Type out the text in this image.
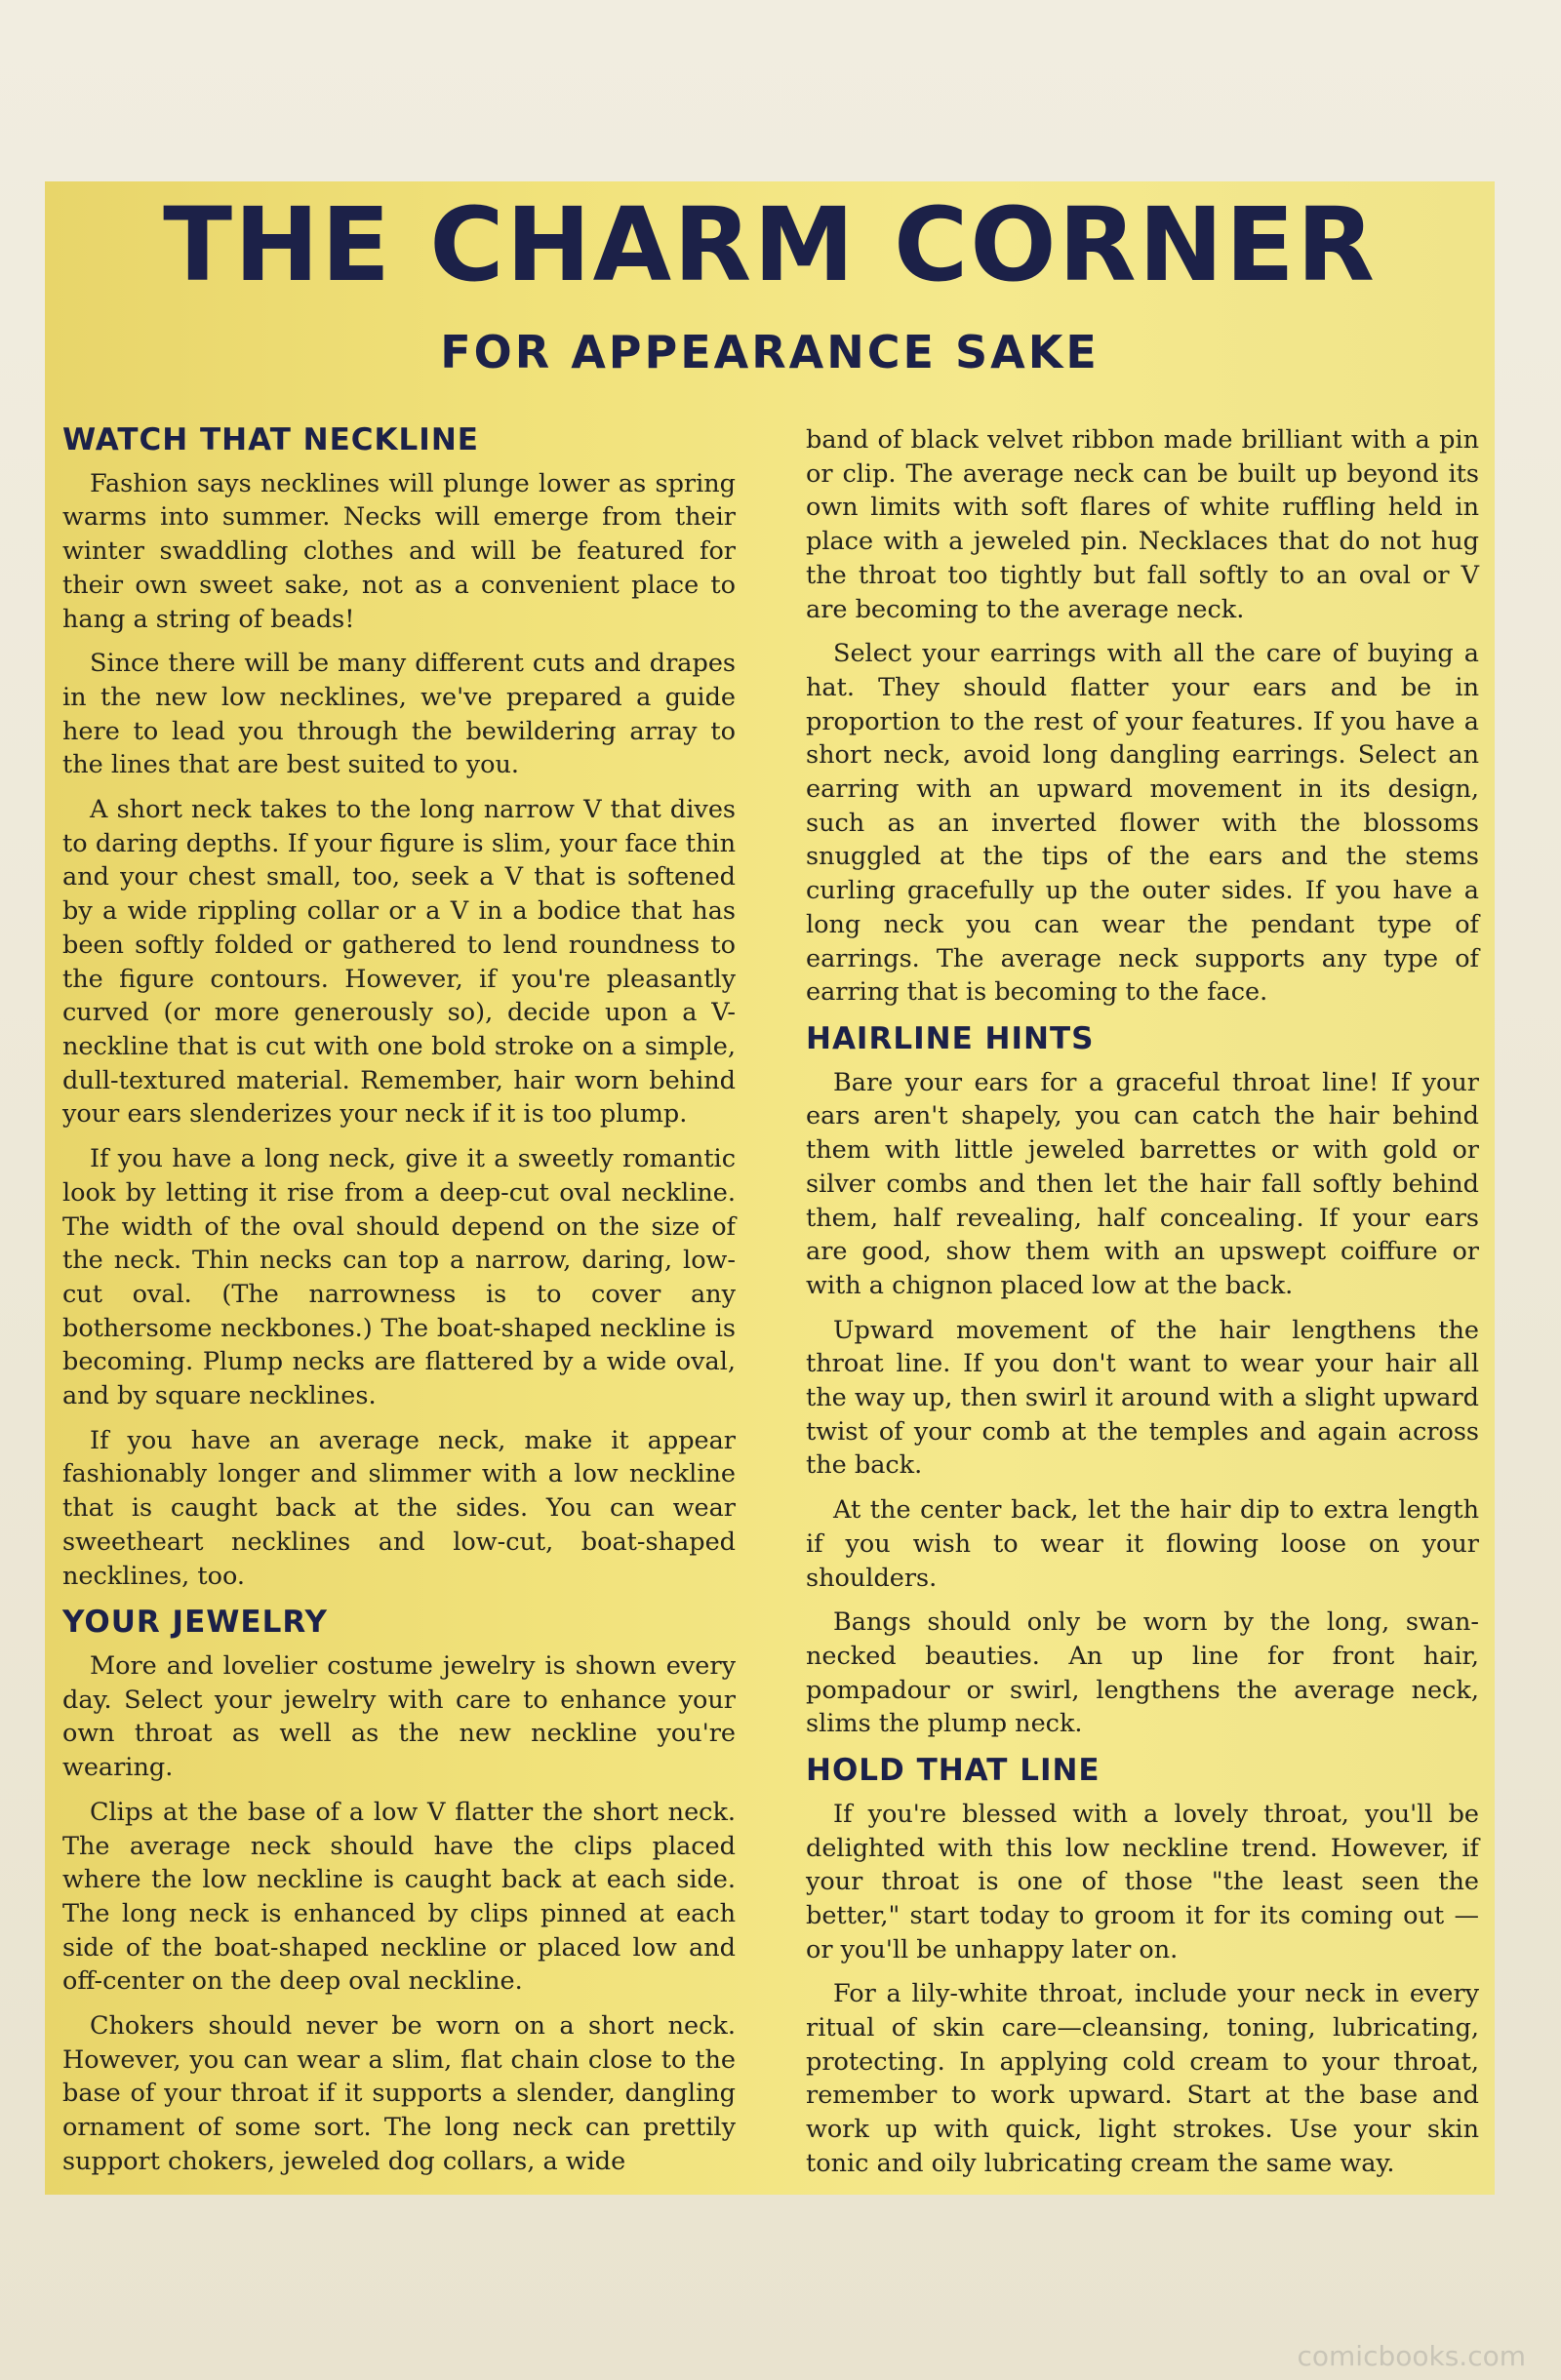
THE CHARM CORNER
FOR APPEARANCE SAKE
WATCH THAT NECKLINE

Fashion says necklines will plunge lower as spring warms into summer. Necks will emerge from their winter swaddling clothes and will be featured for their own sweet sake, not as a convenient place to hang a string of beads!

Since there will be many different cuts and drapes in the new low necklines, we've prepared a guide here to lead you through the bewildering array to the lines that are best suited to you.

A short neck takes to the long narrow V that dives to daring depths. If your figure is slim, your face thin and your chest small, too, seek a V that is softened by a wide rippling collar or a V in a bodice that has been softly folded or gathered to lend roundness to the figure contours. However, if you're pleasantly curved (or more generously so), decide upon a V-neckline that is cut with one bold stroke on a simple, dull-textured material. Remember, hair worn behind your ears slenderizes your neck if it is too plump.

If you have a long neck, give it a sweetly romantic look by letting it rise from a deep-cut oval neckline. The width of the oval should depend on the size of the neck. Thin necks can top a narrow, daring, low-cut oval. (The narrowness is to cover any bothersome neckbones.) The boat-shaped neckline is becoming. Plump necks are flattered by a wide oval, and by square necklines.

If you have an average neck, make it appear fashionably longer and slimmer with a low neckline that is caught back at the sides. You can wear sweetheart necklines and low-cut, boat-shaped necklines, too.

YOUR JEWELRY

More and lovelier costume jewelry is shown every day. Select your jewelry with care to enhance your own throat as well as the new neckline you're wearing.

Clips at the base of a low V flatter the short neck. The average neck should have the clips placed where the low neckline is caught back at each side. The long neck is enhanced by clips pinned at each side of the boat-shaped neckline or placed low and off-center on the deep oval neckline.

Chokers should never be worn on a short neck. However, you can wear a slim, flat chain close to the base of your throat if it supports a slender, dangling ornament of some sort. The long neck can prettily support chokers, jeweled dog collars, a wide

band of black velvet ribbon made brilliant with a pin or clip. The average neck can be built up beyond its own limits with soft flares of white ruffling held in place with a jeweled pin. Necklaces that do not hug the throat too tightly but fall softly to an oval or V are becoming to the average neck.

Select your earrings with all the care of buying a hat. They should flatter your ears and be in proportion to the rest of your features. If you have a short neck, avoid long dangling earrings. Select an earring with an upward movement in its design, such as an inverted flower with the blossoms snuggled at the tips of the ears and the stems curling gracefully up the outer sides. If you have a long neck you can wear the pendant type of earrings. The average neck supports any type of earring that is becoming to the face.

HAIRLINE HINTS

Bare your ears for a graceful throat line! If your ears aren't shapely, you can catch the hair behind them with little jeweled barrettes or with gold or silver combs and then let the hair fall softly behind them, half revealing, half concealing. If your ears are good, show them with an upswept coiffure or with a chignon placed low at the back.

Upward movement of the hair lengthens the throat line. If you don't want to wear your hair all the way up, then swirl it around with a slight upward twist of your comb at the temples and again across the back.

At the center back, let the hair dip to extra length if you wish to wear it flowing loose on your shoulders.

Bangs should only be worn by the long, swan-necked beauties. An up line for front hair, pompadour or swirl, lengthens the average neck, slims the plump neck.

HOLD THAT LINE

If you're blessed with a lovely throat, you'll be delighted with this low neckline trend. However, if your throat is one of those "the least seen the better," start today to groom it for its coming out —or you'll be unhappy later on.

For a lily-white throat, include your neck in every ritual of skin care—cleansing, toning, lubricating, protecting. In applying cold cream to your throat, remember to work upward. Start at the base and work up with quick, light strokes. Use your skin tonic and oily lubricating cream the same way.

comicbooks.com
